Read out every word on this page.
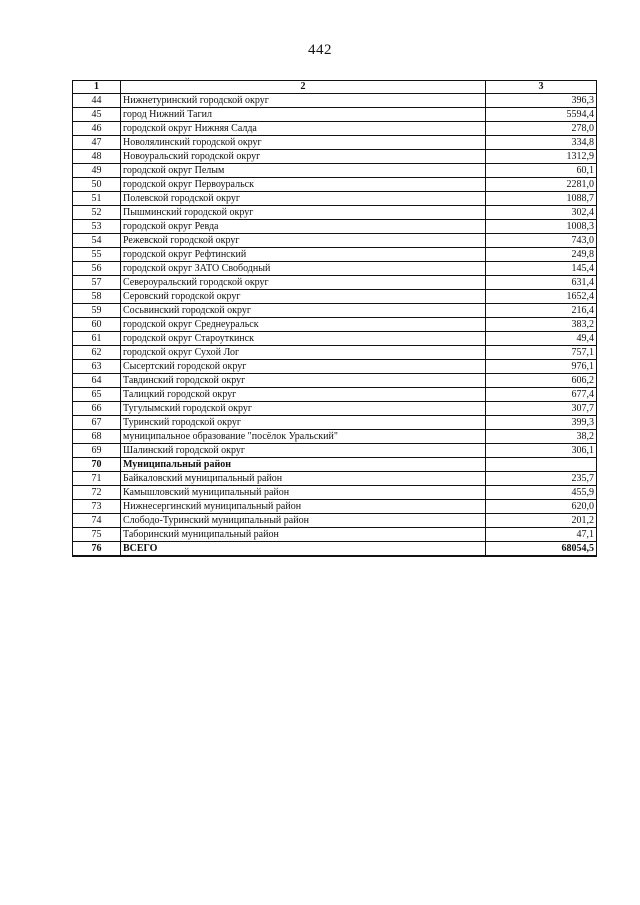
442
1	2	3
44	Нижнетуринский городской округ	396,3
45	город Нижний Тагил	5594,4
46	городской округ Нижняя Салда	278,0
47	Новолялинский городской округ	334,8
48	Новоуральский городской округ	1312,9
49	городской округ Пелым	60,1
50	городской округ Первоуральск	2281,0
51	Полевской городской округ	1088,7
52	Пышминский городской округ	302,4
53	городской округ Ревда	1008,3
54	Режевской городской округ	743,0
55	городской округ Рефтинский	249,8
56	городской округ ЗАТО Свободный	145,4
57	Североуральский городской округ	631,4
58	Серовский городской округ	1652,4
59	Сосьвинский городской округ	216,4
60	городской округ Среднеуральск	383,2
61	городской округ Староуткинск	49,4
62	городской округ Сухой Лог	757,1
63	Сысертский городской округ	976,1
64	Тавдинский городской округ	606,2
65	Талицкий городской округ	677,4
66	Тугулымский городской округ	307,7
67	Туринский городской округ	399,3
68	муниципальное образование "посёлок Уральский"	38,2
69	Шалинский городской округ	306,1
70	Муниципальный район	
71	Байкаловский муниципальный район	235,7
72	Камышловский муниципальный район	455,9
73	Нижнесергинский муниципальный район	620,0
74	Слободо-Туринский муниципальный район	201,2
75	Таборинский муниципальный район	47,1
76	ВСЕГО	68054,5
